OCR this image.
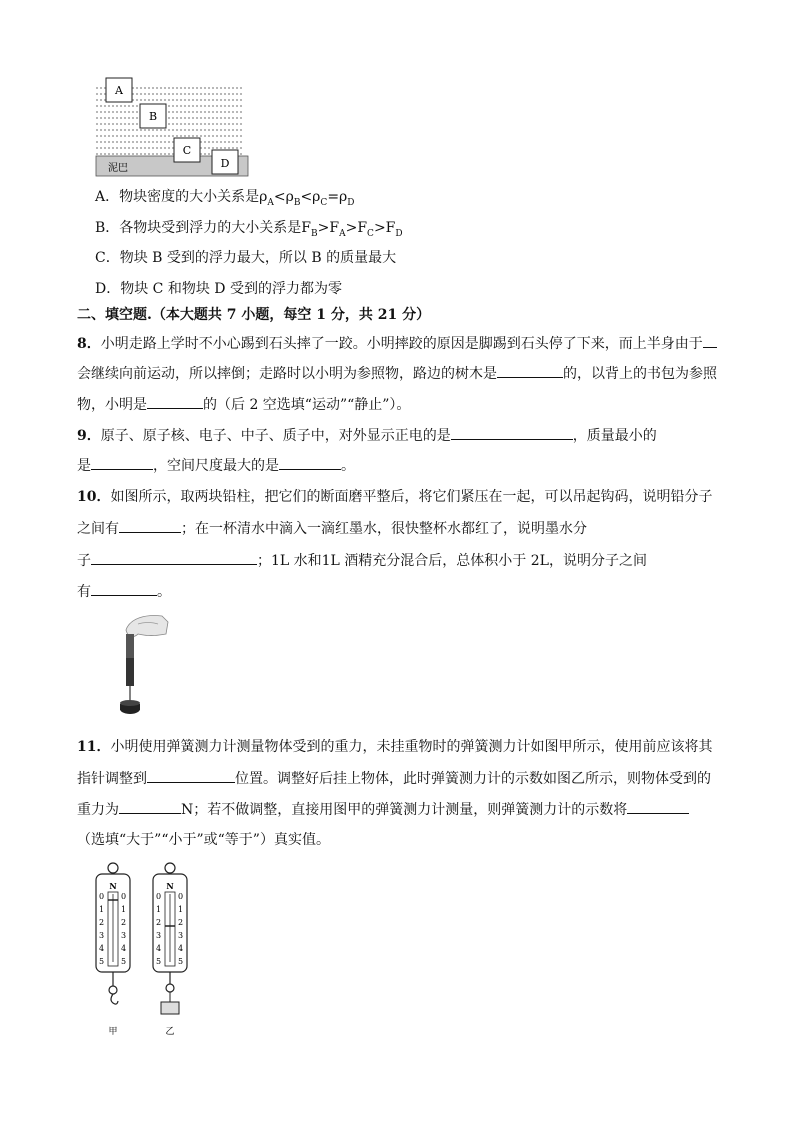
A
B
C
D
泥巴
A．物块密度的大小关系是$\rho_A<\rho_B<\rho_C=\rho_D$
B．各物块受到浮力的大小关系是$F_B>F_A>F_C>F_D$
C．物块 B 受到的浮力最大，所以 B 的质量最大
D．物块 C 和物块 D 受到的浮力都为零
二、填空题.（本大题共 7 小题，每空 1 分，共 21 分）
8．小明走路上学时不小心踢到石头摔了一跤。小明摔跤的原因是脚踢到石头停了下来，而上半身由于
会继续向前运动，所以摔倒；走路时以小明为参照物，路边的树木是	的，以背上的书包为参照
物，小明是	的（后 2 空选填“运动”“静止”）。
9．原子、原子核、电子、中子、质子中，对外显示正电的是	，质量最小的
是	，空间尺度最大的是	。
10．如图所示，取两块铅柱，把它们的断面磨平整后，将它们紧压在一起，可以吊起钩码，说明铅分子
之间有	；在一杯清水中滴入一滴红墨水，很快整杯水都红了，说明墨水分
子	；1L 水和1L 酒精充分混合后，总体积小于 2L，说明分子之间
有	。
11．小明使用弹簧测力计测量物体受到的重力，未挂重物时的弹簧测力计如图甲所示，使用前应该将其
指针调整到	位置。调整好后挂上物体，此时弹簧测力计的示数如图乙所示，则物体受到的
重力为	N；若不做调整，直接用图甲的弹簧测力计测量，则弹簧测力计的示数将
（选填“大于”“小于”或“等于”）真实值。
N
0
1
2
3
4
5
0
1
2
3
4
5
N
0
1
2
3
4
5
0
1
2
3
4
5
甲	乙
